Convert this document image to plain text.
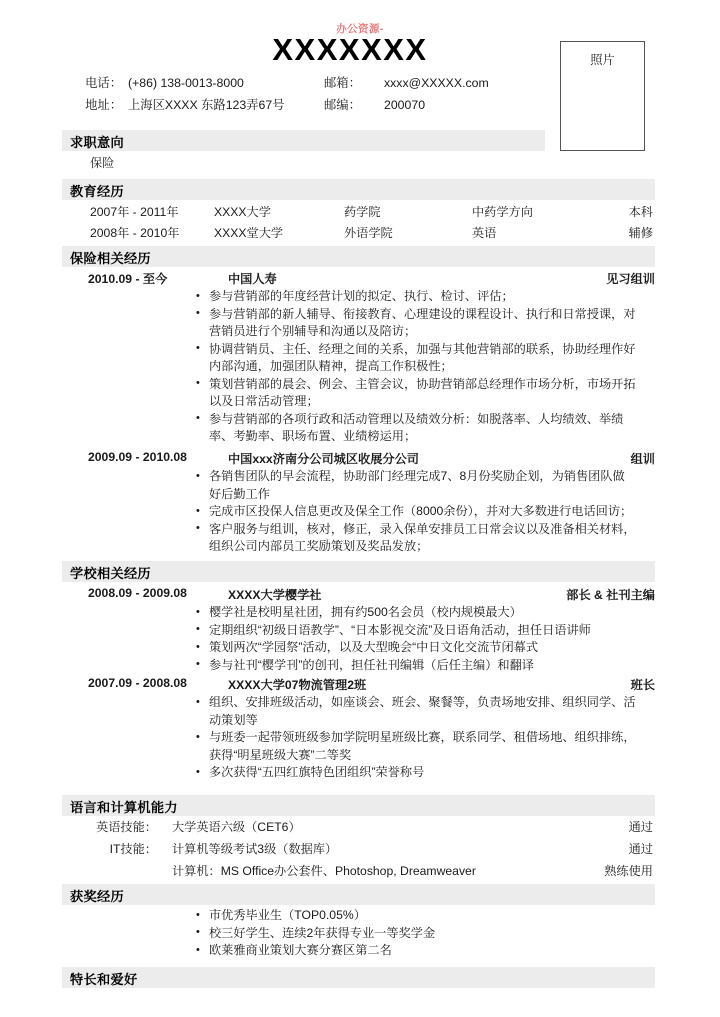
办公资源-
XXXXXXX
电话： (+86) 138-0013-8000	邮箱：	xxxx@XXXXX.com
地址： 上海区XXXX 东路123弄67号	邮编：	200070
照片
求职意向
保险
教育经历
2007年 - 2011年	XXXX大学	药学院	中药学方向	本科
2008年 - 2010年	XXXX堂大学	外语学院	英语	辅修
保险相关经历
2010.09 - 至今	中国人寿	见习组训
• 参与营销部的年度经营计划的拟定、执行、检讨、评估；
• 参与营销部的新人辅导、衔接教育、心理建设的课程设计、执行和日常授课，对营销员进行个别辅导和沟通以及陪访；
• 协调营销员、主任、经理之间的关系，加强与其他营销部的联系，协助经理作好内部沟通，加强团队精神，提高工作积极性；
• 策划营销部的晨会、例会、主管会议，协助营销部总经理作市场分析，市场开拓以及日常活动管理；
• 参与营销部的各项行政和活动管理以及绩效分析：如脱落率、人均绩效、举绩率、考勤率、职场布置、业绩榜运用；
2009.09 - 2010.08	中国xxx济南分公司城区收展分公司	组训
• 各销售团队的早会流程，协助部门经理完成7、8月份奖励企划，为销售团队做好后勤工作
• 完成市区投保人信息更改及保全工作（8000余份），并对大多数进行电话回访；
• 客户服务与组训，核对，修正，录入保单安排员工日常会议以及准备相关材料，组织公司内部员工奖励策划及奖品发放；
学校相关经历
2008.09 - 2009.08	XXXX大学樱学社	部长 & 社刊主编
• 樱学社是校明星社团，拥有约500名会员（校内规模最大）
• 定期组织“初级日语教学”、“日本影视交流”及日语角活动，担任日语讲师
• 策划两次“学园祭”活动，以及大型晚会“中日文化交流节闭幕式
• 参与社刊“樱学刊”的创刊，担任社刊编辑（后任主编）和翻译
2007.09 - 2008.08	XXXX大学07物流管理2班	班长
• 组织、安排班级活动，如座谈会、班会、聚餐等，负责场地安排、组织同学、活动策划等
• 与班委一起带领班级参加学院明星班级比赛，联系同学、租借场地、组织排练，获得“明星班级大赛”二等奖
• 多次获得“五四红旗特色团组织”荣誉称号
语言和计算机能力
英语技能： 大学英语六级（CET6）	通过
IT技能： 计算机等级考试3级（数据库）	通过
计算机：MS Office办公套件、Photoshop, Dreamweaver	熟练使用
获奖经历
• 市优秀毕业生（TOP0.05%）
• 校三好学生、连续2年获得专业一等奖学金
• 欧莱雅商业策划大赛分赛区第二名
特长和爱好
